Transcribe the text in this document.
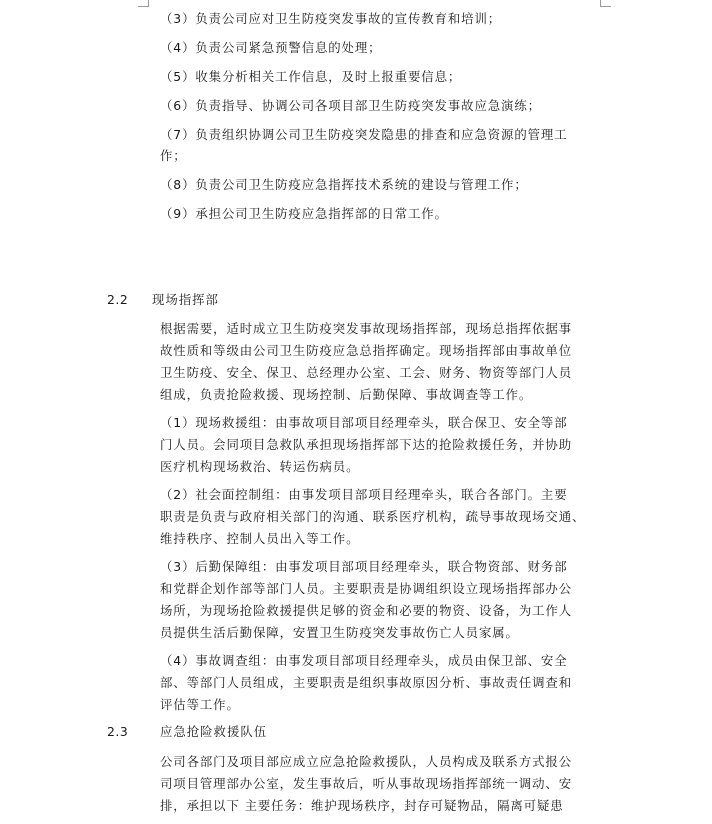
（3）负责公司应对卫生防疫突发事故的宣传教育和培训；
（4）负责公司紧急预警信息的处理；
（5）收集分析相关工作信息，及时上报重要信息；
（6）负责指导、协调公司各项目部卫生防疫突发事故应急演练；
（7）负责组织协调公司卫生防疫突发隐患的排查和应急资源的管理工
作；
（8）负责公司卫生防疫应急指挥技术系统的建设与管理工作；
（9）承担公司卫生防疫应急指挥部的日常工作。
2.2 现场指挥部
根据需要，适时成立卫生防疫突发事故现场指挥部，现场总指挥依据事
故性质和等级由公司卫生防疫应急总指挥确定。现场指挥部由事故单位
卫生防疫、安全、保卫、总经理办公室、工会、财务、物资等部门人员
组成，负责抢险救援、现场控制、后勤保障、事故调查等工作。
（1）现场救援组：由事故项目部项目经理牵头，联合保卫、安全等部
门人员。会同项目急救队承担现场指挥部下达的抢险救援任务，并协助
医疗机构现场救治、转运伤病员。
（2）社会面控制组：由事发项目部项目经理牵头，联合各部门。主要
职责是负责与政府相关部门的沟通、联系医疗机构，疏导事故现场交通、
维持秩序、控制人员出入等工作。
（3）后勤保障组：由事发项目部项目经理牵头，联合物资部、财务部
和党群企划作部等部门人员。主要职责是协调组织设立现场指挥部办公
场所，为现场抢险救援提供足够的资金和必要的物资、设备，为工作人
员提供生活后勤保障，安置卫生防疫突发事故伤亡人员家属。
（4）事故调查组：由事发项目部项目经理牵头，成员由保卫部、安全
部、等部门人员组成，主要职责是组织事故原因分析、事故责任调查和
评估等工作。
2.3	应急抢险救援队伍
公司各部门及项目部应成立应急抢险救援队，人员构成及联系方式报公
司项目管理部办公室，发生事故后，听从事故现场指挥部统一调动、安
排，承担以下 主要任务：维护现场秩序，封存可疑物品，隔离可疑患
